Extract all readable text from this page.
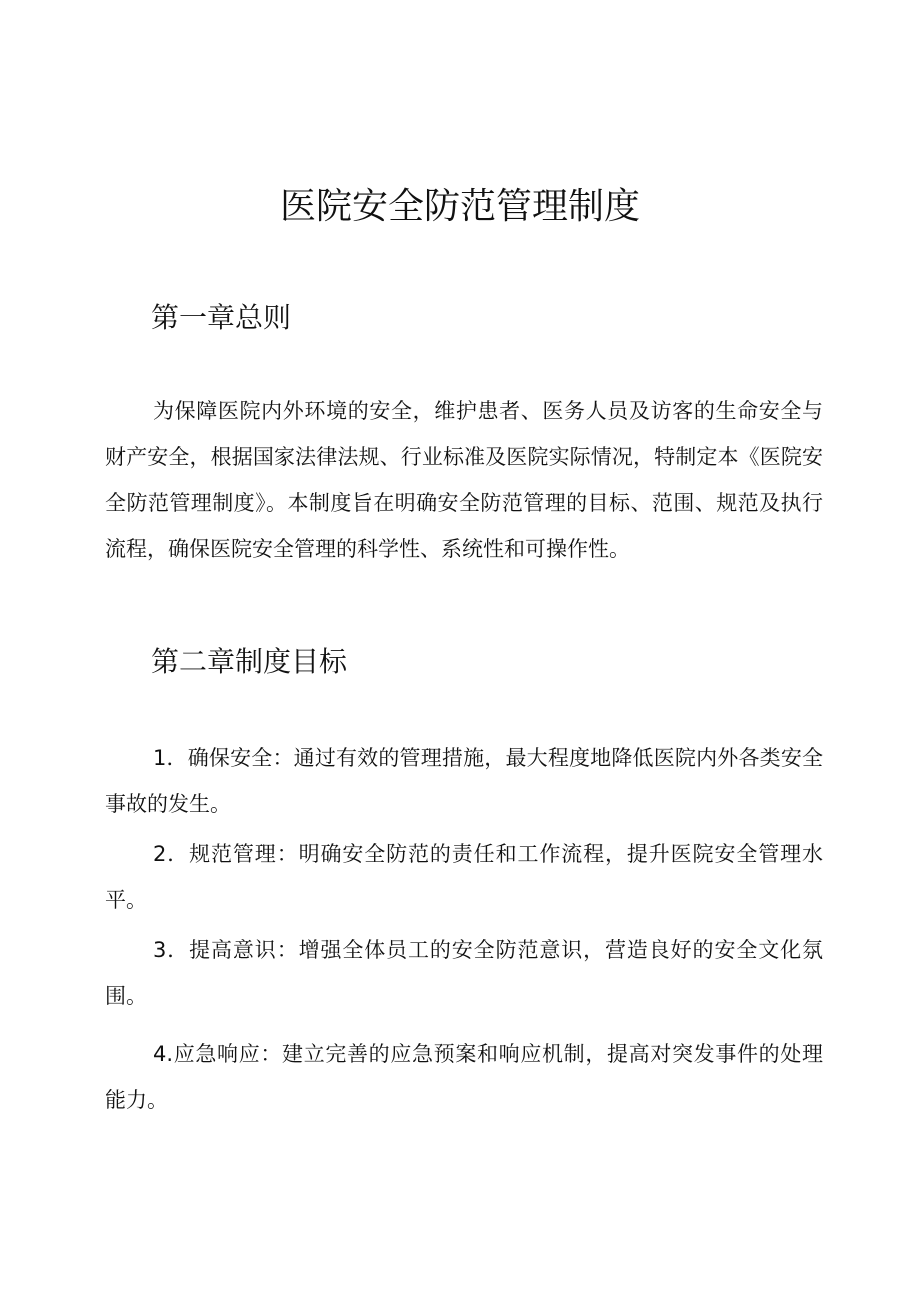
医院安全防范管理制度
第一章总则

为保障医院内外环境的安全，维护患者、医务人员及访客的生命安全与财产安全，根据国家法律法规、行业标准及医院实际情况，特制定本《医院安全防范管理制度》。本制度旨在明确安全防范管理的目标、范围、规范及执行流程，确保医院安全管理的科学性、系统性和可操作性。

第二章制度目标

1．确保安全：通过有效的管理措施，最大程度地降低医院内外各类安全事故的发生。

2．规范管理：明确安全防范的责任和工作流程，提升医院安全管理水平。

3．提高意识：增强全体员工的安全防范意识，营造良好的安全文化氛围。

4.应急响应：建立完善的应急预案和响应机制，提高对突发事件的处理能力。
